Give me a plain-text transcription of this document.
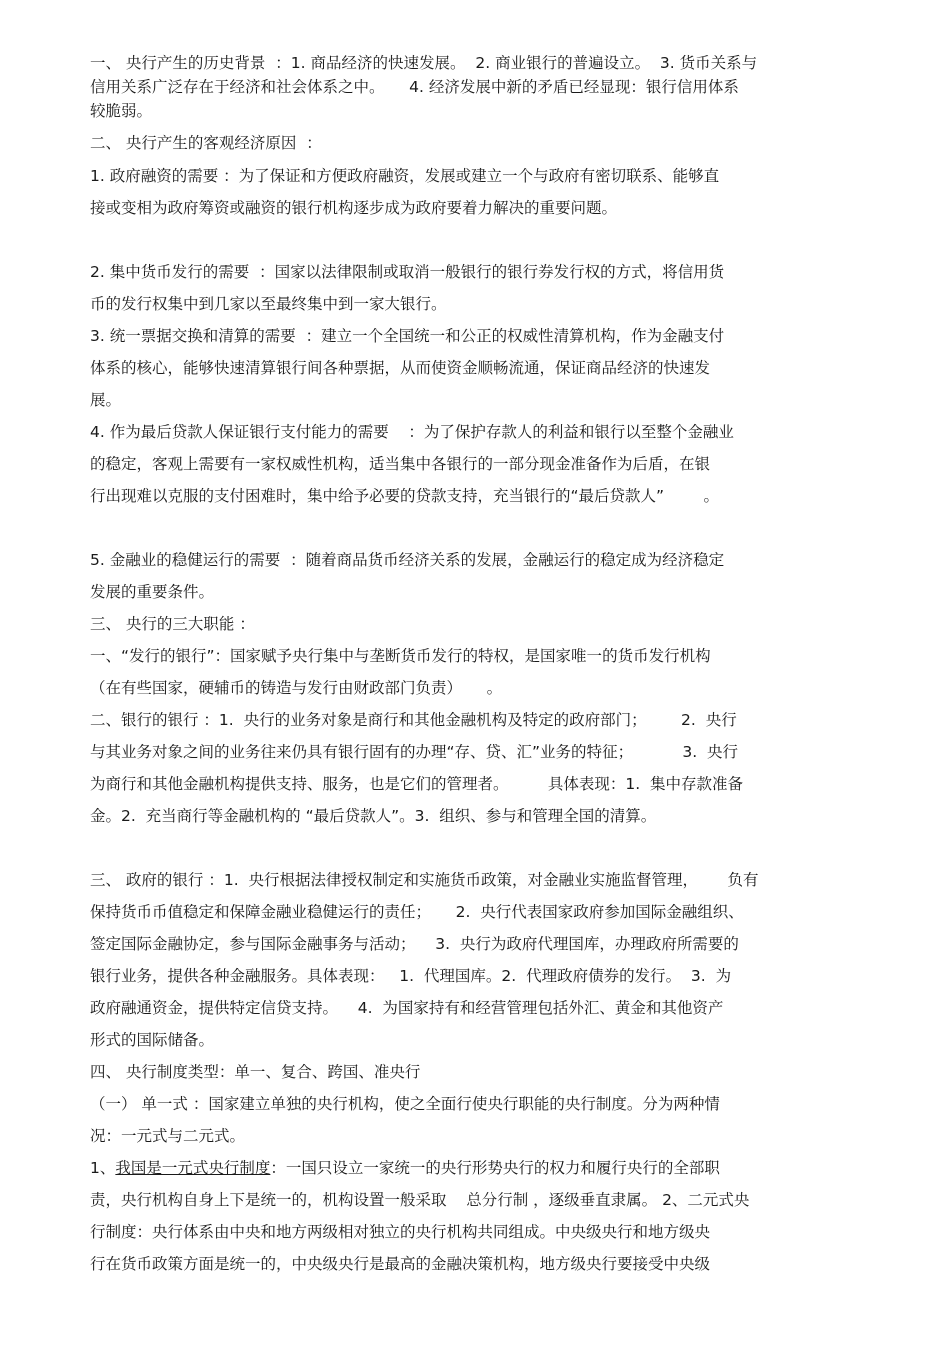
一、 央行产生的历史背景  ：1. 商品经济的快速发展。  2. 商业银行的普遍设立。  3. 货币关系与
信用关系广泛存在于经济和社会体系之中。     4. 经济发展中新的矛盾已经显现：银行信用体系
较脆弱。
二、 央行产生的客观经济原因  ：
1. 政府融资的需要 ：为了保证和方便政府融资，发展或建立一个与政府有密切联系、能够直
接或变相为政府筹资或融资的银行机构逐步成为政府要着力解决的重要问题。
2. 集中货币发行的需要  ：国家以法律限制或取消一般银行的银行券发行权的方式，将信用货
币的发行权集中到几家以至最终集中到一家大银行。
3. 统一票据交换和清算的需要  ：建立一个全国统一和公正的权威性清算机构，作为金融支付
体系的核心，能够快速清算银行间各种票据，从而使资金顺畅流通，保证商品经济的快速发
展。
4. 作为最后贷款人保证银行支付能力的需要    ：为了保护存款人的利益和银行以至整个金融业
的稳定，客观上需要有一家权威性机构，适当集中各银行的一部分现金准备作为后盾，在银
行出现难以克服的支付困难时，集中给予必要的贷款支持，充当银行的“最后贷款人”        。
5. 金融业的稳健运行的需要  ：随着商品货币经济关系的发展，金融运行的稳定成为经济稳定
发展的重要条件。
三、 央行的三大职能 ：
一、“发行的银行”：国家赋予央行集中与垄断货币发行的特权，是国家唯一的货币发行机构
（在有些国家，硬辅币的铸造与发行由财政部门负责）     。
二、银行的银行 ：1.  央行的业务对象是商行和其他金融机构及特定的政府部门；       2.  央行
与其业务对象之间的业务往来仍具有银行固有的办理“存、贷、汇”业务的特征；          3.  央行
为商行和其他金融机构提供支持、服务，也是它们的管理者。        具体表现：1.  集中存款准备
金。2.  充当商行等金融机构的 “最后贷款人”。3.  组织、参与和管理全国的清算。
三、 政府的银行 ：1.  央行根据法律授权制定和实施货币政策，对金融业实施监督管理，      负有
保持货币币值稳定和保障金融业稳健运行的责任；     2.  央行代表国家政府参加国际金融组织、
签定国际金融协定，参与国际金融事务与活动；    3.  央行为政府代理国库，办理政府所需要的
银行业务，提供各种金融服务。具体表现：   1.  代理国库。2.  代理政府债券的发行。  3.  为
政府融通资金，提供特定信贷支持。    4.  为国家持有和经营管理包括外汇、黄金和其他资产
形式的国际储备。
四、 央行制度类型：单一、复合、跨国、准央行
（一） 单一式 ：国家建立单独的央行机构，使之全面行使央行职能的央行制度。分为两种情
况：一元式与二元式。
1、我国是一元式央行制度：一国只设立一家统一的央行形势央行的权力和履行央行的全部职
责，央行机构自身上下是统一的，机构设置一般采取    总分行制 ，逐级垂直隶属。 2、二元式央
行制度：央行体系由中央和地方两级相对独立的央行机构共同组成。中央级央行和地方级央
行在货币政策方面是统一的，中央级央行是最高的金融决策机构，地方级央行要接受中央级
